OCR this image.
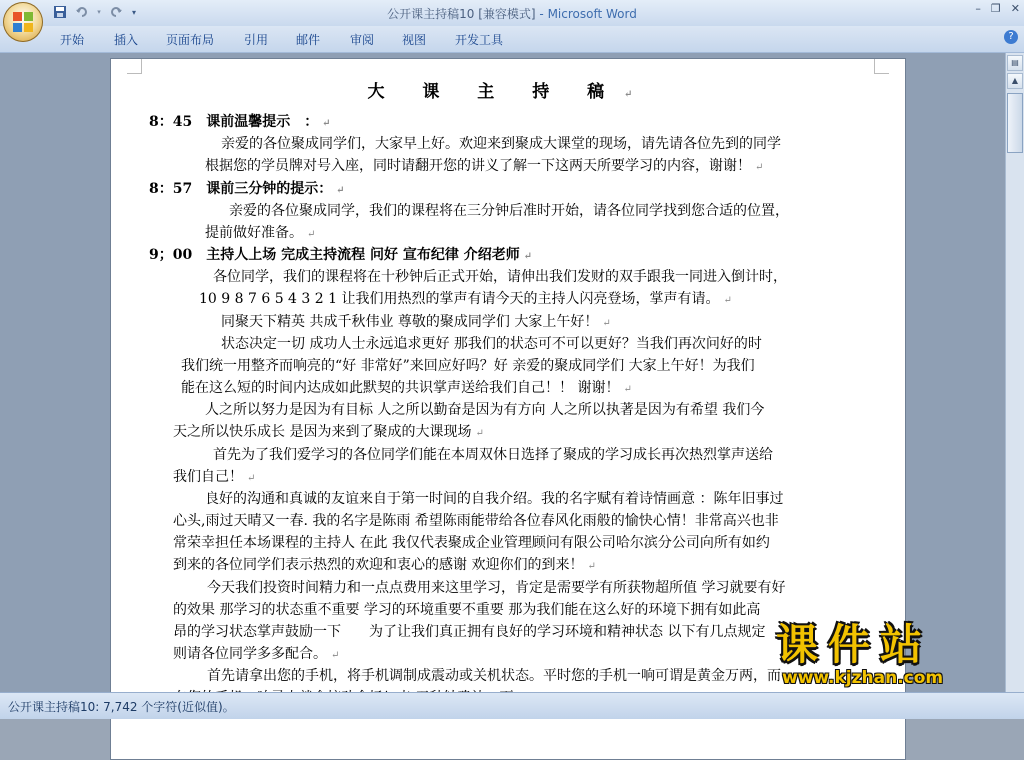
▾	▾	公开课主持稿10 [兼容模式] - Microsoft Word	– ❐ ✕
开始 插入 页面布局 引用 邮件 审阅 视图 开发工具	?
大 课 主 持 稿 ↵
8：45　课前温馨提示　： ↵
亲爱的各位聚成同学们，大家早上好。欢迎来到聚成大课堂的现场，请先请各位先到的同学
根据您的学员牌对号入座，同时请翻开您的讲义了解一下这两天所要学习的内容，谢谢！ ↵
8：57　课前三分钟的提示： ↵
亲爱的各位聚成同学，我们的课程将在三分钟后准时开始，请各位同学找到您合适的位置，
提前做好准备。 ↵
9；00　主持人上场 完成主持流程 问好 宣布纪律 介绍老师 ↵
各位同学，我们的课程将在十秒钟后正式开始，请伸出我们发财的双手跟我一同进入倒计时，
10 9 8 7 6 5 4 3 2 1 让我们用热烈的掌声有请今天的主持人闪亮登场，掌声有请。 ↵
同聚天下精英 共成千秋伟业 尊敬的聚成同学们 大家上午好！ ↵
状态决定一切 成功人士永远追求更好 那我们的状态可不可以更好？当我们再次问好的时
我们统一用整齐而响亮的“好 非常好”来回应好吗？好 亲爱的聚成同学们 大家上午好！为我们
能在这么短的时间内达成如此默契的共识掌声送给我们自己！！ 谢谢！ ↵
人之所以努力是因为有目标 人之所以勤奋是因为有方向 人之所以执著是因为有希望 我们今
天之所以快乐成长 是因为来到了聚成的大课现场 ↵
首先为了我们爱学习的各位同学们能在本周双休日选择了聚成的学习成长再次热烈掌声送给
我们自己！ ↵
良好的沟通和真诚的友谊来自于第一时间的自我介绍。我的名字赋有着诗情画意 ：陈年旧事过
心头,雨过天晴又一春. 我的名字是陈雨 希望陈雨能带给各位春风化雨般的愉快心情！非常高兴也非
常荣幸担任本场课程的主持人 在此 我仅代表聚成企业管理顾问有限公司哈尔滨分公司向所有如约
到来的各位同学们表示热烈的欢迎和衷心的感谢 欢迎你们的到来！ ↵
今天我们投资时间精力和一点点费用来这里学习，肯定是需要学有所获物超所值 学习就要有好
的效果 那学习的状态重不重要 学习的环境重要不重要 那为我们能在这么好的环境下拥有如此高
昂的学习状态掌声鼓励一下　　为了让我们真正拥有良好的学习环境和精神状态 以下有几点规定
则请各位同学多多配合。 ↵
首先请拿出您的手机，将手机调制成震动或关机状态。平时您的手机一响可谓是黄金万两，而
▤
▲
公开课主持稿10: 7,742 个字符(近似值)。
课件站
www.kjzhan.com
